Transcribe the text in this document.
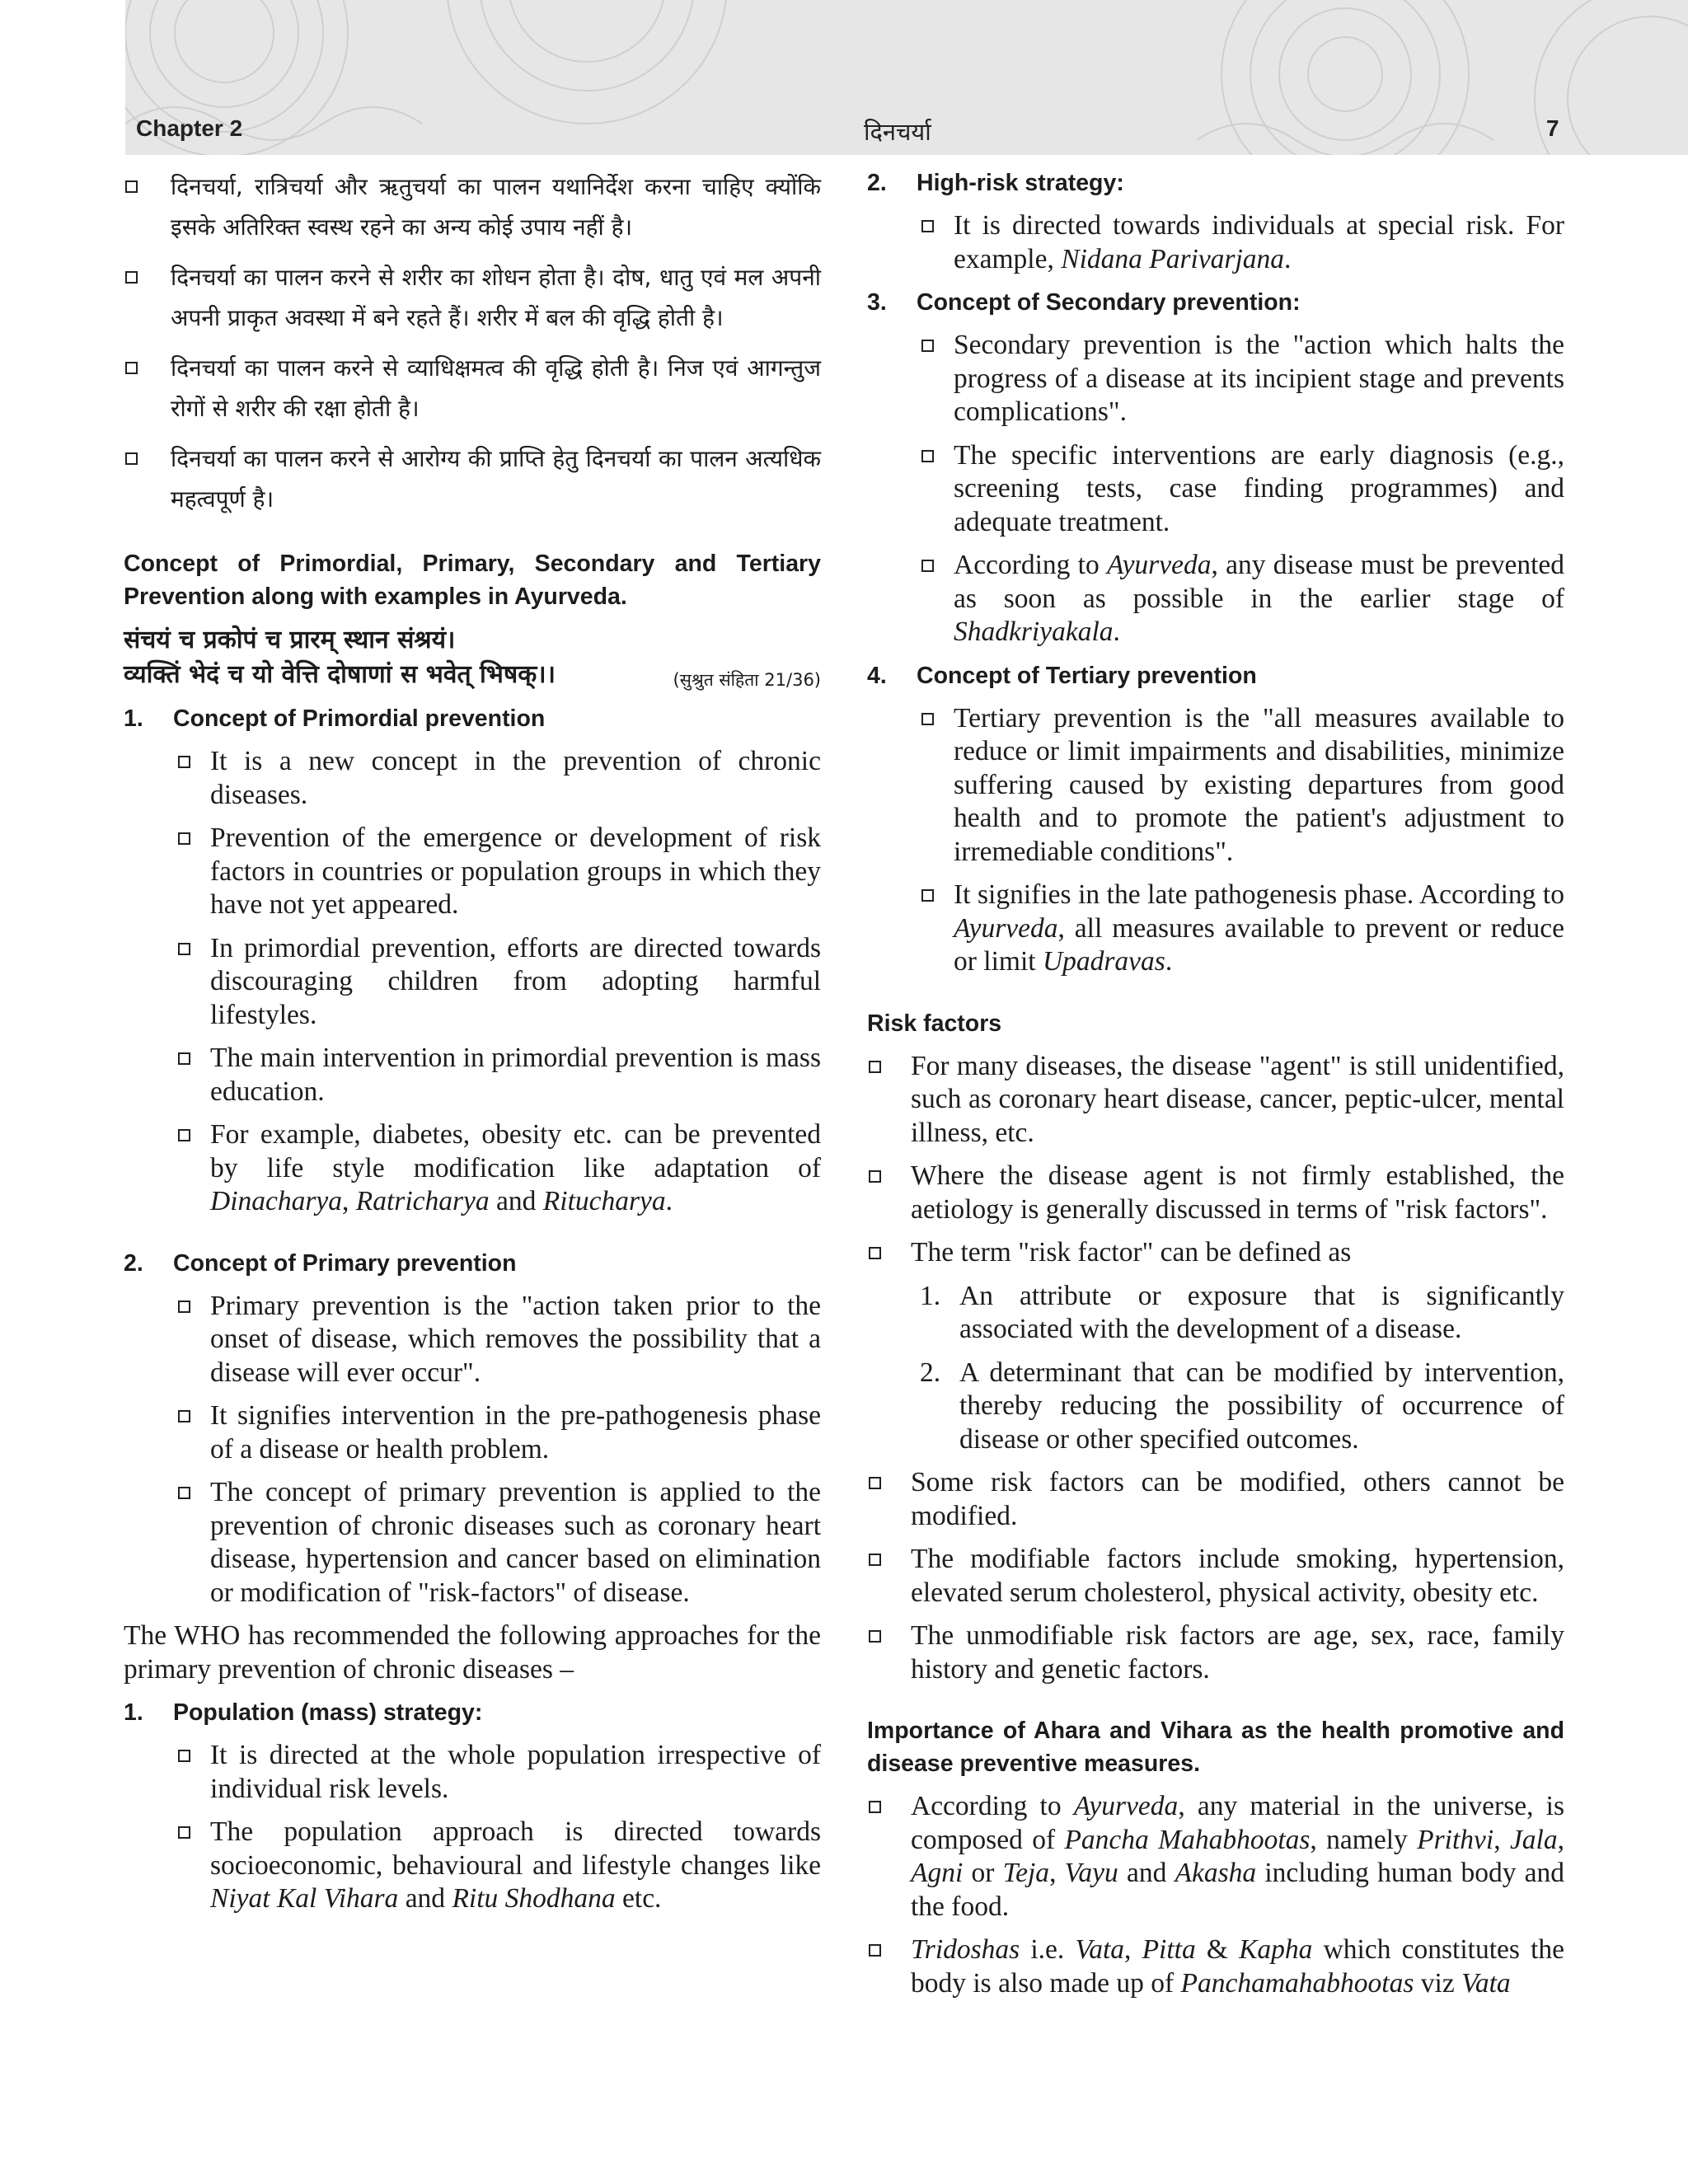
Chapter 2	दिनचर्या	7
दिनचर्या, रात्रिचर्या और ऋतुचर्या का पालन यथानिर्देश करना चाहिए क्योंकि इसके अतिरिक्त स्वस्थ रहने का अन्य कोई उपाय नहीं है।
दिनचर्या का पालन करने से शरीर का शोधन होता है। दोष, धातु एवं मल अपनी अपनी प्राकृत अवस्था में बने रहते हैं। शरीर में बल की वृद्धि होती है।
दिनचर्या का पालन करने से व्याधिक्षमत्व की वृद्धि होती है। निज एवं आगन्तुज रोगों से शरीर की रक्षा होती है।
दिनचर्या का पालन करने से आरोग्य की प्राप्ति हेतु दिनचर्या का पालन अत्यधिक महत्वपूर्ण है।
Concept of Primordial, Primary, Secondary and Tertiary Prevention along with examples in Ayurveda.
संचयं च प्रकोपं च प्रारम् स्थान संश्रयं।
व्यक्तिं भेदं च यो वेत्ति दोषाणां स भवेत् भिषक्।।	(सुश्रुत संहिता 21/36)
1. Concept of Primordial prevention
It is a new concept in the prevention of chronic diseases.
Prevention of the emergence or development of risk factors in countries or population groups in which they have not yet appeared.
In primordial prevention, efforts are directed towards discouraging children from adopting harmful lifestyles.
The main intervention in primordial prevention is mass education.
For example, diabetes, obesity etc. can be prevented by life style modification like adaptation of Dinacharya, Ratricharya and Ritucharya.
2. Concept of Primary prevention
Primary prevention is the "action taken prior to the onset of disease, which removes the possibility that a disease will ever occur".
It signifies intervention in the pre-pathogenesis phase of a disease or health problem.
The concept of primary prevention is applied to the prevention of chronic diseases such as coronary heart disease, hypertension and cancer based on elimination or modification of "risk-factors" of disease.
The WHO has recommended the following approaches for the primary prevention of chronic diseases –
1. Population (mass) strategy:
It is directed at the whole population irrespective of individual risk levels.
The population approach is directed towards socioeconomic, behavioural and lifestyle changes like Niyat Kal Vihara and Ritu Shodhana etc.
2. High-risk strategy:
It is directed towards individuals at special risk. For example, Nidana Parivarjana.
3. Concept of Secondary prevention:
Secondary prevention is the "action which halts the progress of a disease at its incipient stage and prevents complications".
The specific interventions are early diagnosis (e.g., screening tests, case finding programmes) and adequate treatment.
According to Ayurveda, any disease must be prevented as soon as possible in the earlier stage of Shadkriyakala.
4. Concept of Tertiary prevention
Tertiary prevention is the "all measures available to reduce or limit impairments and disabilities, minimize suffering caused by existing departures from good health and to promote the patient's adjustment to irremediable conditions".
It signifies in the late pathogenesis phase. According to Ayurveda, all measures available to prevent or reduce or limit Upadravas.
Risk factors
For many diseases, the disease "agent" is still unidentified, such as coronary heart disease, cancer, peptic-ulcer, mental illness, etc.
Where the disease agent is not firmly established, the aetiology is generally discussed in terms of "risk factors".
The term "risk factor" can be defined as
1. An attribute or exposure that is significantly associated with the development of a disease.
2. A determinant that can be modified by intervention, thereby reducing the possibility of occurrence of disease or other specified outcomes.
Some risk factors can be modified, others cannot be modified.
The modifiable factors include smoking, hypertension, elevated serum cholesterol, physical activity, obesity etc.
The unmodifiable risk factors are age, sex, race, family history and genetic factors.
Importance of Ahara and Vihara as the health promotive and disease preventive measures.
According to Ayurveda, any material in the universe, is composed of Pancha Mahabhootas, namely Prithvi, Jala, Agni or Teja, Vayu and Akasha including human body and the food.
Tridoshas i.e. Vata, Pitta & Kapha which constitutes the body is also made up of Panchamahabhootas viz Vata
